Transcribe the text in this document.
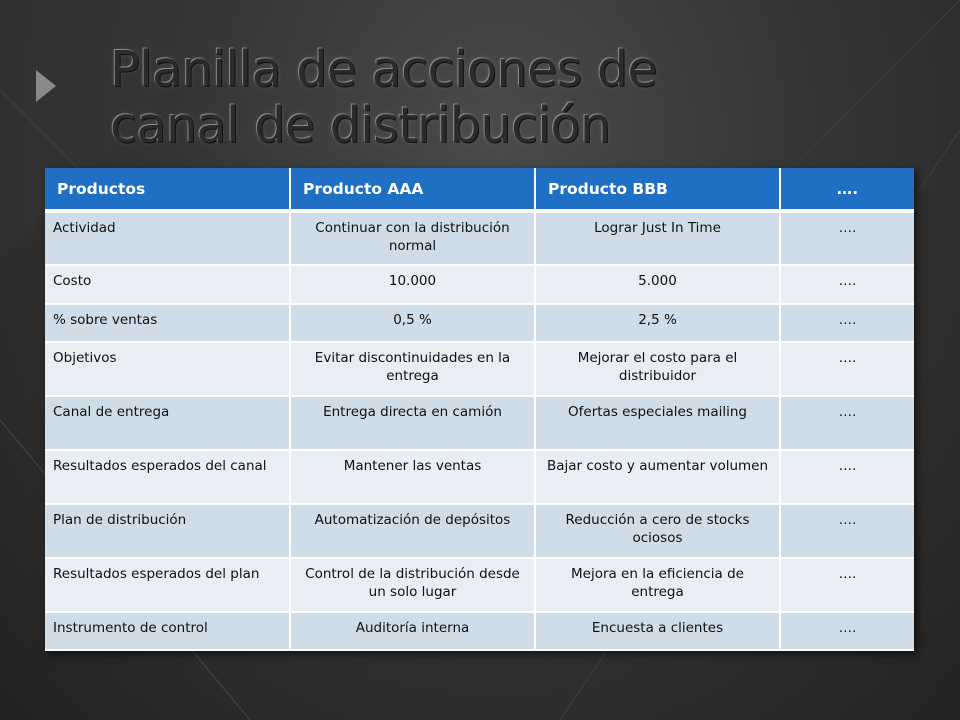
Planilla de acciones de
canal de distribución
Productos	Producto AAA	Producto BBB	….
Actividad	Continuar con la distribución normal	Lograr Just In Time	….
Costo	10.000	5.000	….
% sobre ventas	0,5 %	2,5 %	….
Objetivos	Evitar discontinuidades en la entrega	Mejorar el costo para el distribuidor	….
Canal de entrega	Entrega directa en camión	Ofertas especiales mailing	….
Resultados esperados del canal	Mantener las ventas	Bajar costo y aumentar volumen	….
Plan de distribución	Automatización de depósitos	Reducción a cero de stocks ociosos	….
Resultados esperados del plan	Control de la distribución desde un solo lugar	Mejora en la eficiencia de entrega	….
Instrumento de control	Auditoría interna	Encuesta a clientes	….
